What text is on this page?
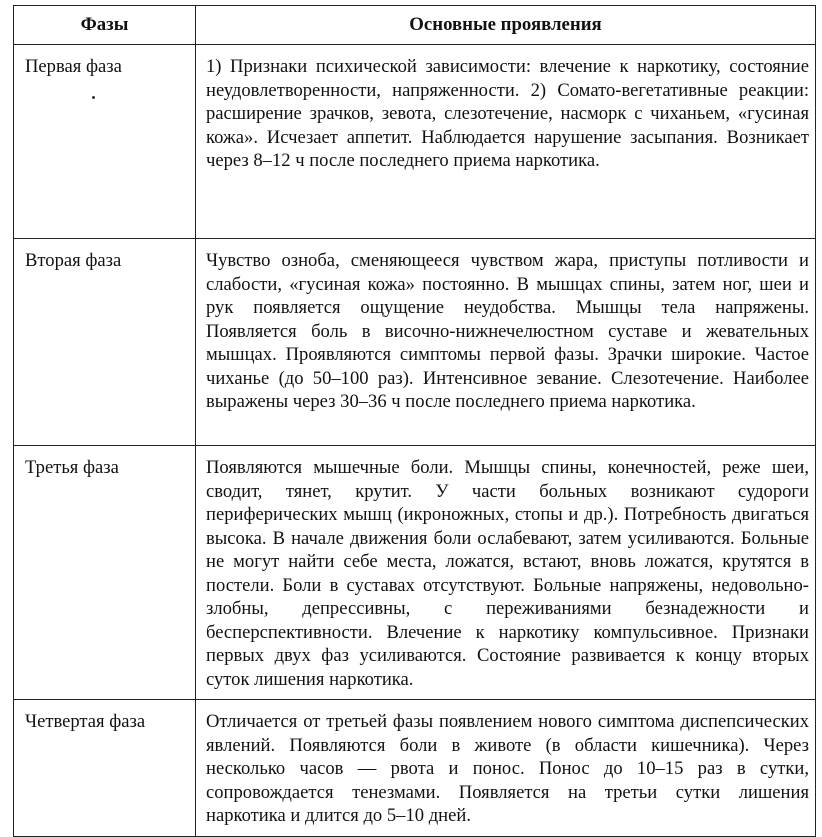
Фазы	Основные проявления
Первая фаза	1) Признаки психической зависимости: влечение к наркотику, состояние неудовлетворенности, напряженности. 2) Сомато-вегетативные реакции: расширение зрачков, зевота, слезотечение, насморк с чиханьем, «гусиная кожа». Исчезает аппетит. Наблюдается нарушение засыпания. Возникает через 8–12 ч после последнего приема наркотика.
Вторая фаза	Чувство озноба, сменяющееся чувством жара, приступы потливости и слабости, «гусиная кожа» постоянно. В мышцах спины, затем ног, шеи и рук появляется ощущение неудобства. Мышцы тела напряжены. Появляется боль в височно-нижнечелюстном суставе и жевательных мышцах. Проявляются симптомы первой фазы. Зрачки широкие. Частое чиханье (до 50–100 раз). Интенсивное зевание. Слезотечение. Наиболее выражены через 30–36 ч после последнего приема наркотика.
Третья фаза	Появляются мышечные боли. Мышцы спины, конечностей, реже шеи, сводит, тянет, крутит. У части больных возникают судороги периферических мышц (икроножных, стопы и др.). Потребность двигаться высока. В начале движения боли ослабевают, затем усиливаются. Больные не могут найти себе места, ложатся, встают, вновь ложатся, крутятся в постели. Боли в суставах отсутствуют. Больные напряжены, недовольно-злобны, депрессивны, с переживаниями безнадежности и бесперспективности. Влечение к наркотику компульсивное. Признаки первых двух фаз усиливаются. Состояние развивается к концу вторых суток лишения наркотика.
Четвертая фаза	Отличается от третьей фазы появлением нового симптома диспепсических явлений. Появляются боли в животе (в области кишечника). Через несколько часов — рвота и понос. Понос до 10–15 раз в сутки, сопровождается тенезмами. Появляется на третьи сутки лишения наркотика и длится до 5–10 дней.
